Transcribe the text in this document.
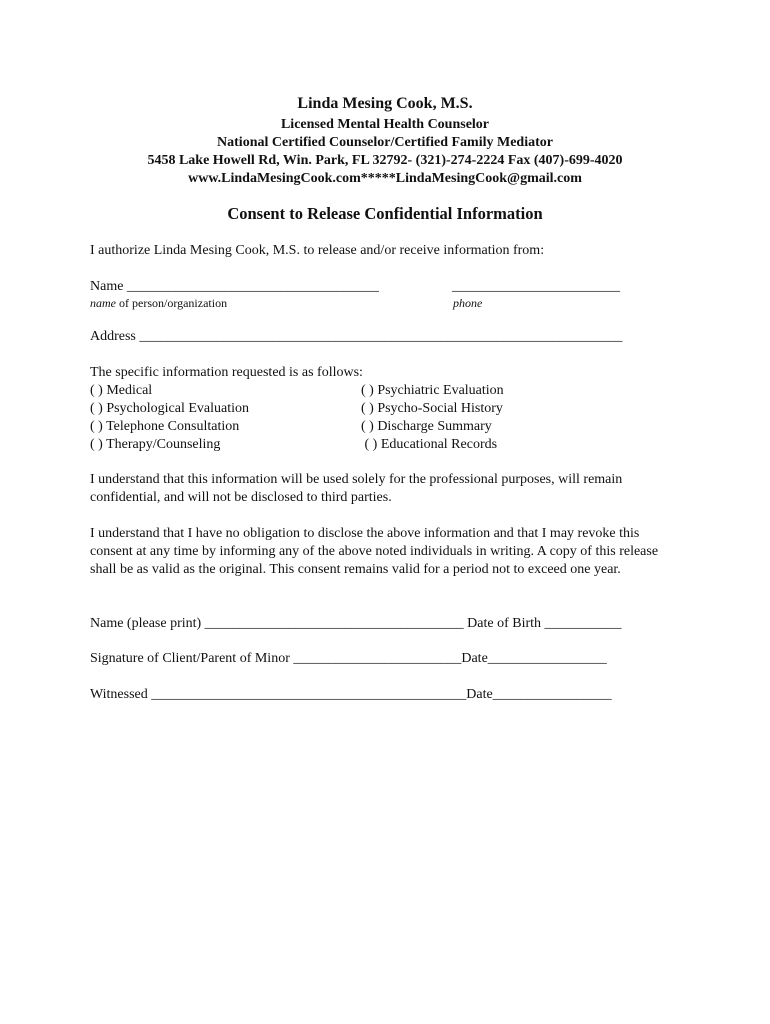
Linda Mesing Cook, M.S.
Licensed Mental Health Counselor
National Certified Counselor/Certified Family Mediator
5458 Lake Howell Rd, Win. Park, FL 32792- (321)-274-2224 Fax (407)-699-4020
www.LindaMesingCook.com*****LindaMesingCook@gmail.com
Consent to Release Confidential Information
I authorize Linda Mesing Cook, M.S. to release and/or receive information from:
Name ____________________________________	________________________
name of person/organization	phone
Address _____________________________________________________________________
The specific information requested is as follows:
( ) Medical
( ) Psychological Evaluation
( ) Telephone Consultation
( ) Therapy/Counseling
( ) Psychiatric Evaluation
( ) Psycho-Social History
( ) Discharge Summary
( ) Educational Records
I understand that this information will be used solely for the professional purposes, will remain confidential, and will not be disclosed to third parties.
I understand that I have no obligation to disclose the above information and that I may revoke this consent at any time by informing any of the above noted individuals in writing. A copy of this release shall be as valid as the original. This consent remains valid for a period not to exceed one year.
Name (please print) _____________________________________ Date of Birth ___________
Signature of Client/Parent of Minor ________________________Date_________________
Witnessed _____________________________________________Date_________________
